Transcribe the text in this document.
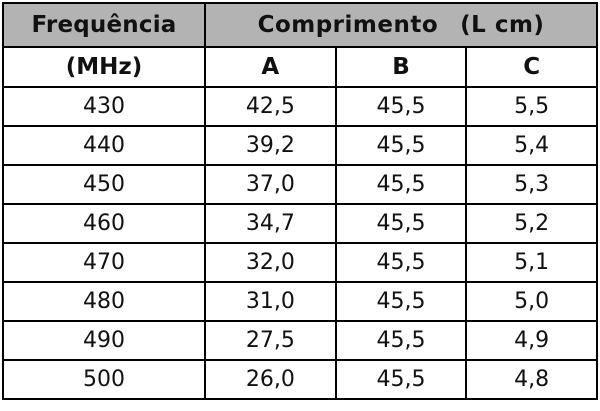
Frequência	Comprimento (L cm)		

(MHz)	A	B	C
430	42,5	45,5	5,5
440	39,2	45,5	5,4
450	37,0	45,5	5,3
460	34,7	45,5	5,2
470	32,0	45,5	5,1
480	31,0	45,5	5,0
490	27,5	45,5	4,9
500	26,0	45,5	4,8
